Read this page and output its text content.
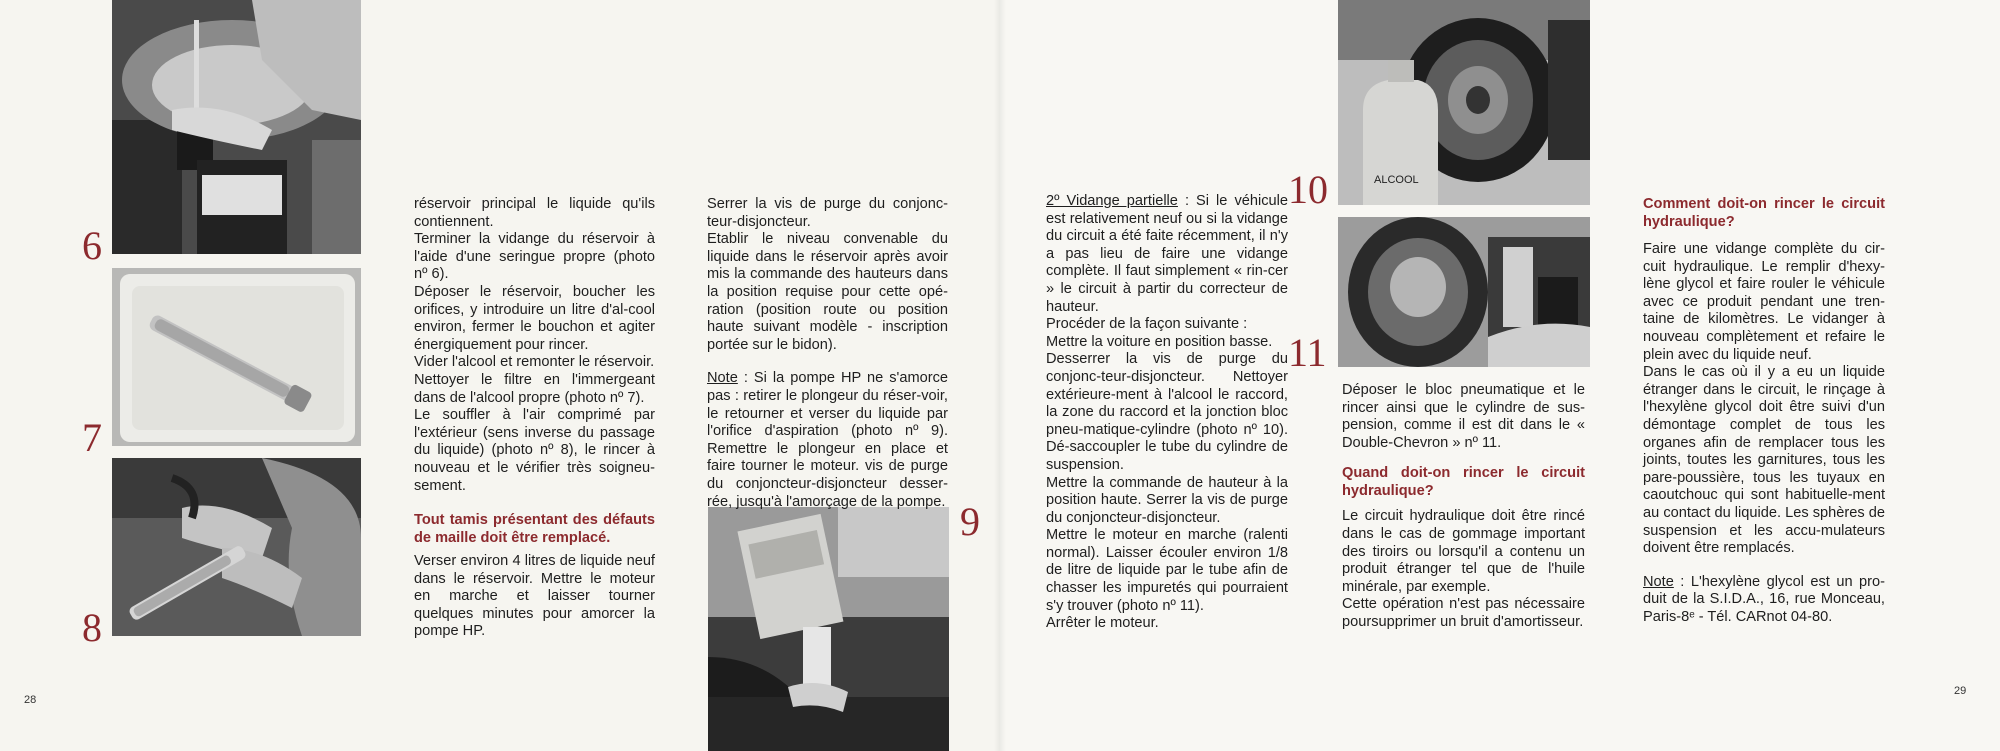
6
7
8
9

réservoir principal le liquide qu'ils contiennent.

Terminer la vidange du réservoir à l'aide d'une seringue propre (photo nº 6).

Déposer le réservoir, boucher les orifices, y introduire un litre d'al-cool environ, fermer le bouchon et agiter énergiquement pour rincer.

Vider l'alcool et remonter le réservoir.

Nettoyer le filtre en l'immergeant dans de l'alcool propre (photo nº 7).

Le souffler à l'air comprimé par l'extérieur (sens inverse du passage du liquide) (photo nº 8), le rincer à nouveau et le vérifier très soigneu-sement.

Tout tamis présentant des défauts de maille doit être remplacé.

Verser environ 4 litres de liquide neuf dans le réservoir. Mettre le moteur en marche et laisser tourner quelques minutes pour amorcer la pompe HP.

Serrer la vis de purge du conjonc-teur-disjoncteur.

Etablir le niveau convenable du liquide dans le réservoir après avoir mis la commande des hauteurs dans la position requise pour cette opé-ration (position route ou position haute suivant modèle - inscription portée sur le bidon).

Note : Si la pompe HP ne s'amorce pas : retirer le plongeur du réser-voir, le retourner et verser du liquide par l'orifice d'aspiration (photo nº 9). Remettre le plongeur en place et faire tourner le moteur. vis de purge du conjoncteur-disjoncteur desser-rée, jusqu'à l'amorçage de la pompe.

28
ALCOOL
10
11

2º Vidange partielle : Si le véhicule est relativement neuf ou si la vidange du circuit a été faite récemment, il n'y a pas lieu de faire une vidange complète. Il faut simplement « rin-cer » le circuit à partir du correcteur de hauteur.

Procéder de la façon suivante :

Mettre la voiture en position basse.

Desserrer la vis de purge du conjonc-teur-disjoncteur. Nettoyer extérieure-ment à l'alcool le raccord, la zone du raccord et la jonction bloc pneu-matique-cylindre (photo nº 10). Dé-saccoupler le tube du cylindre de suspension.

Mettre la commande de hauteur à la position haute. Serrer la vis de purge du conjoncteur-disjoncteur.

Mettre le moteur en marche (ralenti normal). Laisser écouler environ 1/8 de litre de liquide par le tube afin de chasser les impuretés qui pourraient s'y trouver (photo nº 11).

Arrêter le moteur.

Déposer le bloc pneumatique et le rincer ainsi que le cylindre de sus-pension, comme il est dit dans le « Double-Chevron » nº 11.

Quand doit-on rincer le circuit hydraulique?

Le circuit hydraulique doit être rincé dans le cas de gommage important des tiroirs ou lorsqu'il a contenu un produit étranger tel que de l'huile minérale, par exemple.

Cette opération n'est pas nécessaire poursupprimer un bruit d'amortisseur.

Comment doit-on rincer le circuit hydraulique?

Faire une vidange complète du cir-cuit hydraulique. Le remplir d'hexy-lène glycol et faire rouler le véhicule avec ce produit pendant une tren-taine de kilomètres. Le vidanger à nouveau complètement et refaire le plein avec du liquide neuf.

Dans le cas où il y a eu un liquide étranger dans le circuit, le rinçage à l'hexylène glycol doit être suivi d'un démontage complet de tous les organes afin de remplacer tous les joints, toutes les garnitures, tous les pare-poussière, tous les tuyaux en caoutchouc qui sont habituelle-ment au contact du liquide. Les sphères de suspension et les accu-mulateurs doivent être remplacés.

Note : L'hexylène glycol est un pro-duit de la S.I.D.A., 16, rue Monceau, Paris-8ᵉ - Tél. CARnot 04-80.

29
